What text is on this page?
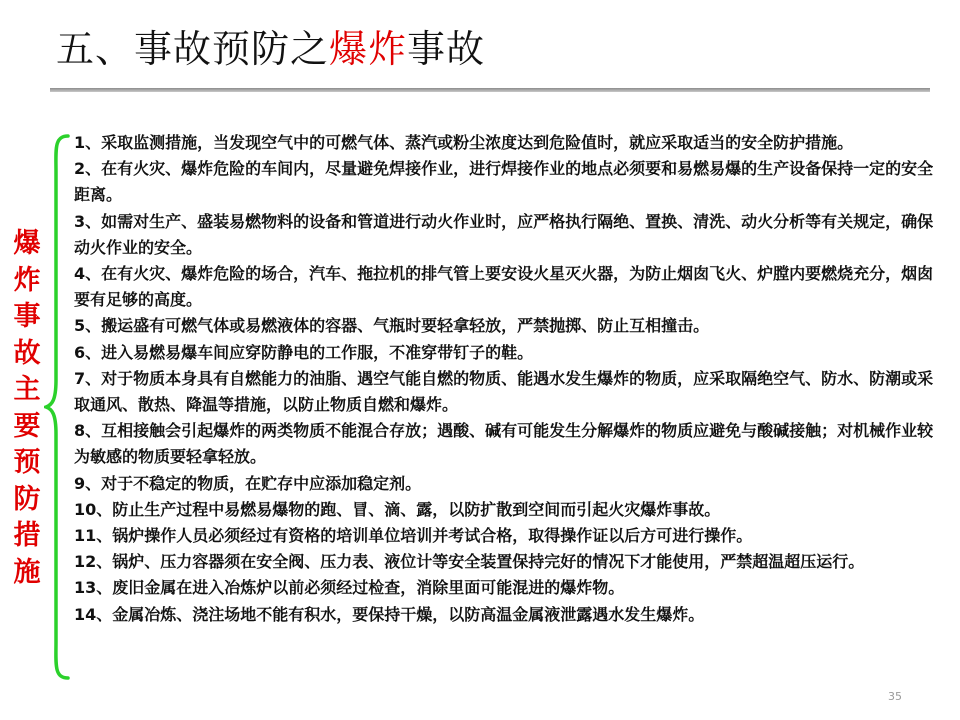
五、事故预防之爆炸事故
爆炸事故主要预防措施
1、采取监测措施，当发现空气中的可燃气体、蒸汽或粉尘浓度达到危险值时，就应采取适当的安全防护措施。
2、在有火灾、爆炸危险的车间内，尽量避免焊接作业，进行焊接作业的地点必须要和易燃易爆的生产设备保持一定的安全距离。
3、如需对生产、盛装易燃物料的设备和管道进行动火作业时，应严格执行隔绝、置换、清洗、动火分析等有关规定，确保动火作业的安全。
4、在有火灾、爆炸危险的场合，汽车、拖拉机的排气管上要安设火星灭火器，为防止烟囱飞火、炉膛内要燃烧充分，烟囱要有足够的高度。
5、搬运盛有可燃气体或易燃液体的容器、气瓶时要轻拿轻放，严禁抛掷、防止互相撞击。
6、进入易燃易爆车间应穿防静电的工作服，不准穿带钉子的鞋。
7、对于物质本身具有自燃能力的油脂、遇空气能自燃的物质、能遇水发生爆炸的物质，应采取隔绝空气、防水、防潮或采取通风、散热、降温等措施，以防止物质自燃和爆炸。
8、互相接触会引起爆炸的两类物质不能混合存放；遇酸、碱有可能发生分解爆炸的物质应避免与酸碱接触；对机械作业较为敏感的物质要轻拿轻放。
9、对于不稳定的物质，在贮存中应添加稳定剂。
10、防止生产过程中易燃易爆物的跑、冒、滴、露，以防扩散到空间而引起火灾爆炸事故。
11、锅炉操作人员必须经过有资格的培训单位培训并考试合格，取得操作证以后方可进行操作。
12、锅炉、压力容器须在安全阀、压力表、液位计等安全装置保持完好的情况下才能使用，严禁超温超压运行。
13、废旧金属在进入冶炼炉以前必须经过检查，消除里面可能混进的爆炸物。
14、金属冶炼、浇注场地不能有积水，要保持干燥，以防高温金属液泄露遇水发生爆炸。
35
